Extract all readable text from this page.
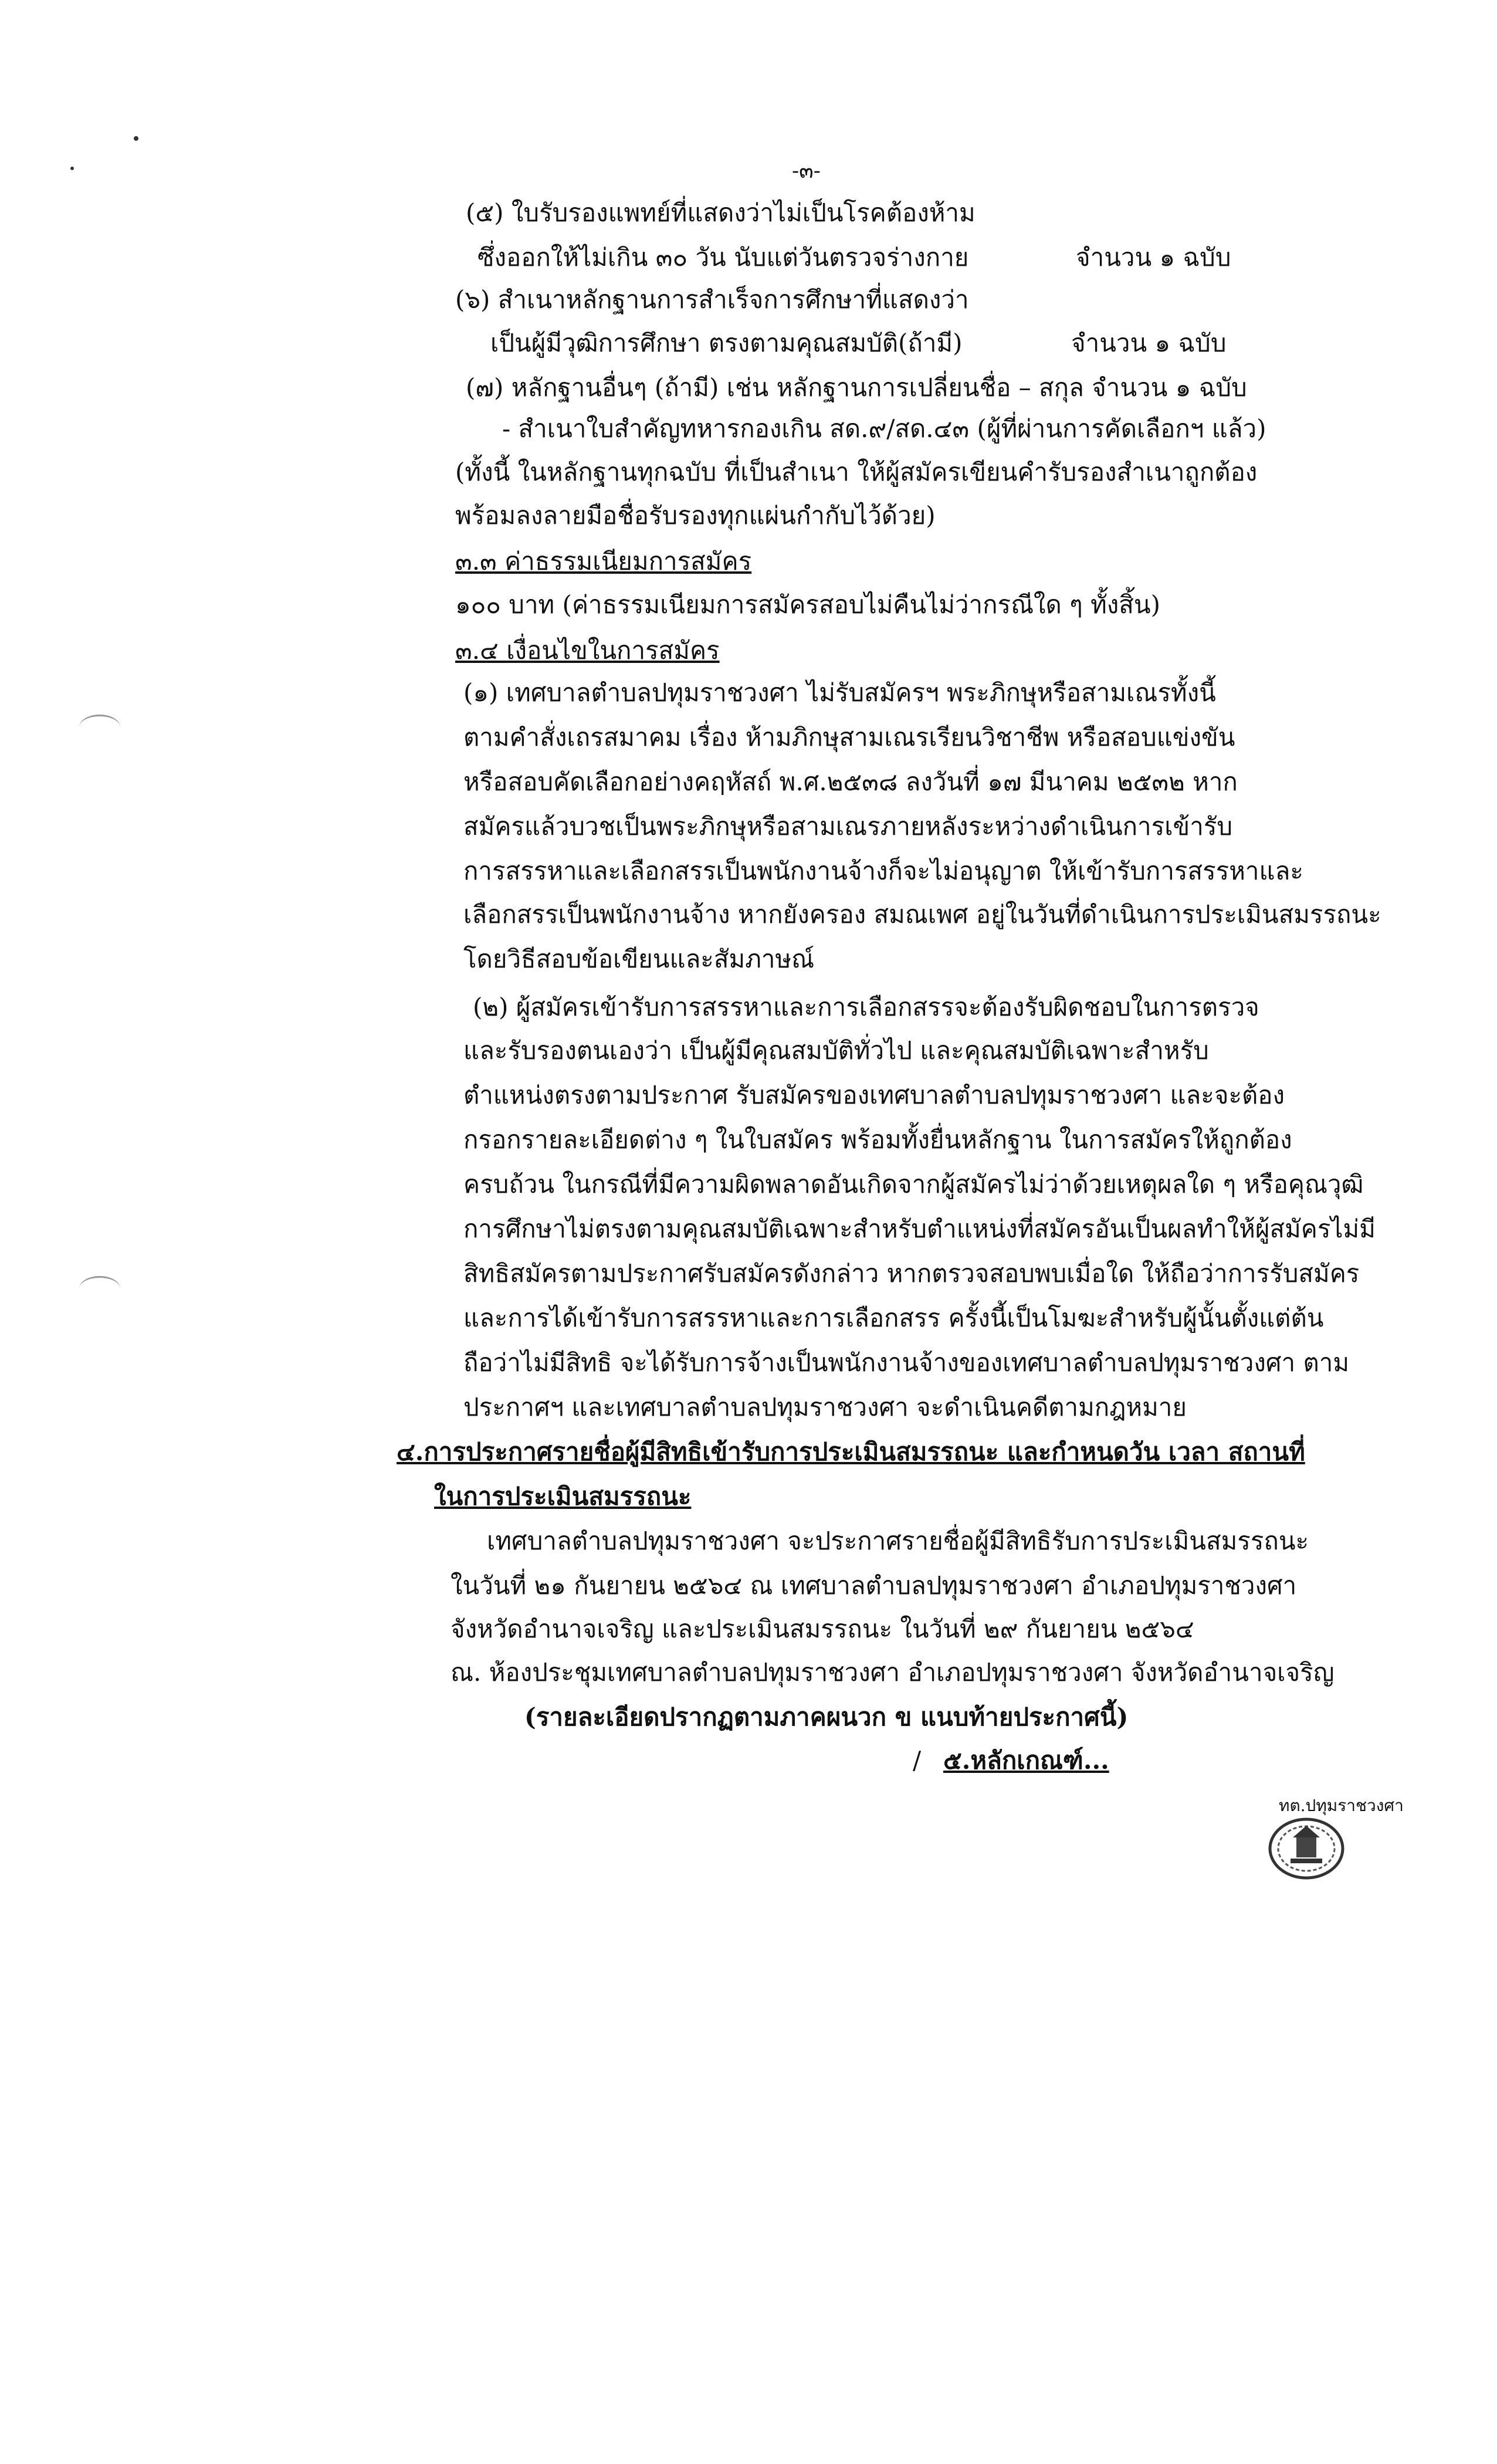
-๓-
(๕) ใบรับรองแพทย์ที่แสดงว่าไม่เป็นโรคต้องห้าม
ซึ่งออกให้ไม่เกิน ๓๐ วัน นับแต่วันตรวจร่างกาย	จำนวน ๑ ฉบับ
(๖) สำเนาหลักฐานการสำเร็จการศึกษาที่แสดงว่า
เป็นผู้มีวุฒิการศึกษา ตรงตามคุณสมบัติ(ถ้ามี)	จำนวน ๑ ฉบับ
(๗) หลักฐานอื่นๆ (ถ้ามี) เช่น หลักฐานการเปลี่ยนชื่อ – สกุล จำนวน ๑ ฉบับ
- สำเนาใบสำคัญทหารกองเกิน สด.๙/สด.๔๓ (ผู้ที่ผ่านการคัดเลือกฯ แล้ว)
(ทั้งนี้ ในหลักฐานทุกฉบับ ที่เป็นสำเนา ให้ผู้สมัครเขียนคำรับรองสำเนาถูกต้อง
พร้อมลงลายมือชื่อรับรองทุกแผ่นกำกับไว้ด้วย)
๓.๓ ค่าธรรมเนียมการสมัคร
๑๐๐ บาท (ค่าธรรมเนียมการสมัครสอบไม่คืนไม่ว่ากรณีใด ๆ ทั้งสิ้น)
๓.๔ เงื่อนไขในการสมัคร
(๑) เทศบาลตำบลปทุมราชวงศา ไม่รับสมัครฯ พระภิกษุหรือสามเณรทั้งนี้
ตามคำสั่งเถรสมาคม เรื่อง ห้ามภิกษุสามเณรเรียนวิชาชีพ หรือสอบแข่งขัน
หรือสอบคัดเลือกอย่างคฤหัสถ์ พ.ศ.๒๕๓๘ ลงวันที่ ๑๗ มีนาคม ๒๕๓๒ หาก
สมัครแล้วบวชเป็นพระภิกษุหรือสามเณรภายหลังระหว่างดำเนินการเข้ารับ
การสรรหาและเลือกสรรเป็นพนักงานจ้างก็จะไม่อนุญาต ให้เข้ารับการสรรหาและ
เลือกสรรเป็นพนักงานจ้าง หากยังครอง สมณเพศ อยู่ในวันที่ดำเนินการประเมินสมรรถนะ
โดยวิธีสอบข้อเขียนและสัมภาษณ์
(๒) ผู้สมัครเข้ารับการสรรหาและการเลือกสรรจะต้องรับผิดชอบในการตรวจ
และรับรองตนเองว่า เป็นผู้มีคุณสมบัติทั่วไป และคุณสมบัติเฉพาะสำหรับ
ตำแหน่งตรงตามประกาศ รับสมัครของเทศบาลตำบลปทุมราชวงศา และจะต้อง
กรอกรายละเอียดต่าง ๆ ในใบสมัคร พร้อมทั้งยื่นหลักฐาน ในการสมัครให้ถูกต้อง
ครบถ้วน ในกรณีที่มีความผิดพลาดอันเกิดจากผู้สมัครไม่ว่าด้วยเหตุผลใด ๆ หรือคุณวุฒิ
การศึกษาไม่ตรงตามคุณสมบัติเฉพาะสำหรับตำแหน่งที่สมัครอันเป็นผลทำให้ผู้สมัครไม่มี
สิทธิสมัครตามประกาศรับสมัครดังกล่าว หากตรวจสอบพบเมื่อใด ให้ถือว่าการรับสมัคร
และการได้เข้ารับการสรรหาและการเลือกสรร ครั้งนี้เป็นโมฆะสำหรับผู้นั้นตั้งแต่ต้น
ถือว่าไม่มีสิทธิ จะได้รับการจ้างเป็นพนักงานจ้างของเทศบาลตำบลปทุมราชวงศา ตาม
ประกาศฯ และเทศบาลตำบลปทุมราชวงศา จะดำเนินคดีตามกฎหมาย
๔.การประกาศรายชื่อผู้มีสิทธิเข้ารับการประเมินสมรรถนะ และกำหนดวัน เวลา สถานที่
ในการประเมินสมรรถนะ
เทศบาลตำบลปทุมราชวงศา จะประกาศรายชื่อผู้มีสิทธิรับการประเมินสมรรถนะ
ในวันที่ ๒๑ กันยายน ๒๕๖๔ ณ เทศบาลตำบลปทุมราชวงศา อำเภอปทุมราชวงศา
จังหวัดอำนาจเจริญ และประเมินสมรรถนะ ในวันที่ ๒๙ กันยายน ๒๕๖๔
ณ. ห้องประชุมเทศบาลตำบลปทุมราชวงศา อำเภอปทุมราชวงศา จังหวัดอำนาจเจริญ
(รายละเอียดปรากฏตามภาคผนวก ข แนบท้ายประกาศนี้)
/ ๕.หลักเกณฑ์...
ทต.ปทุมราชวงศา
